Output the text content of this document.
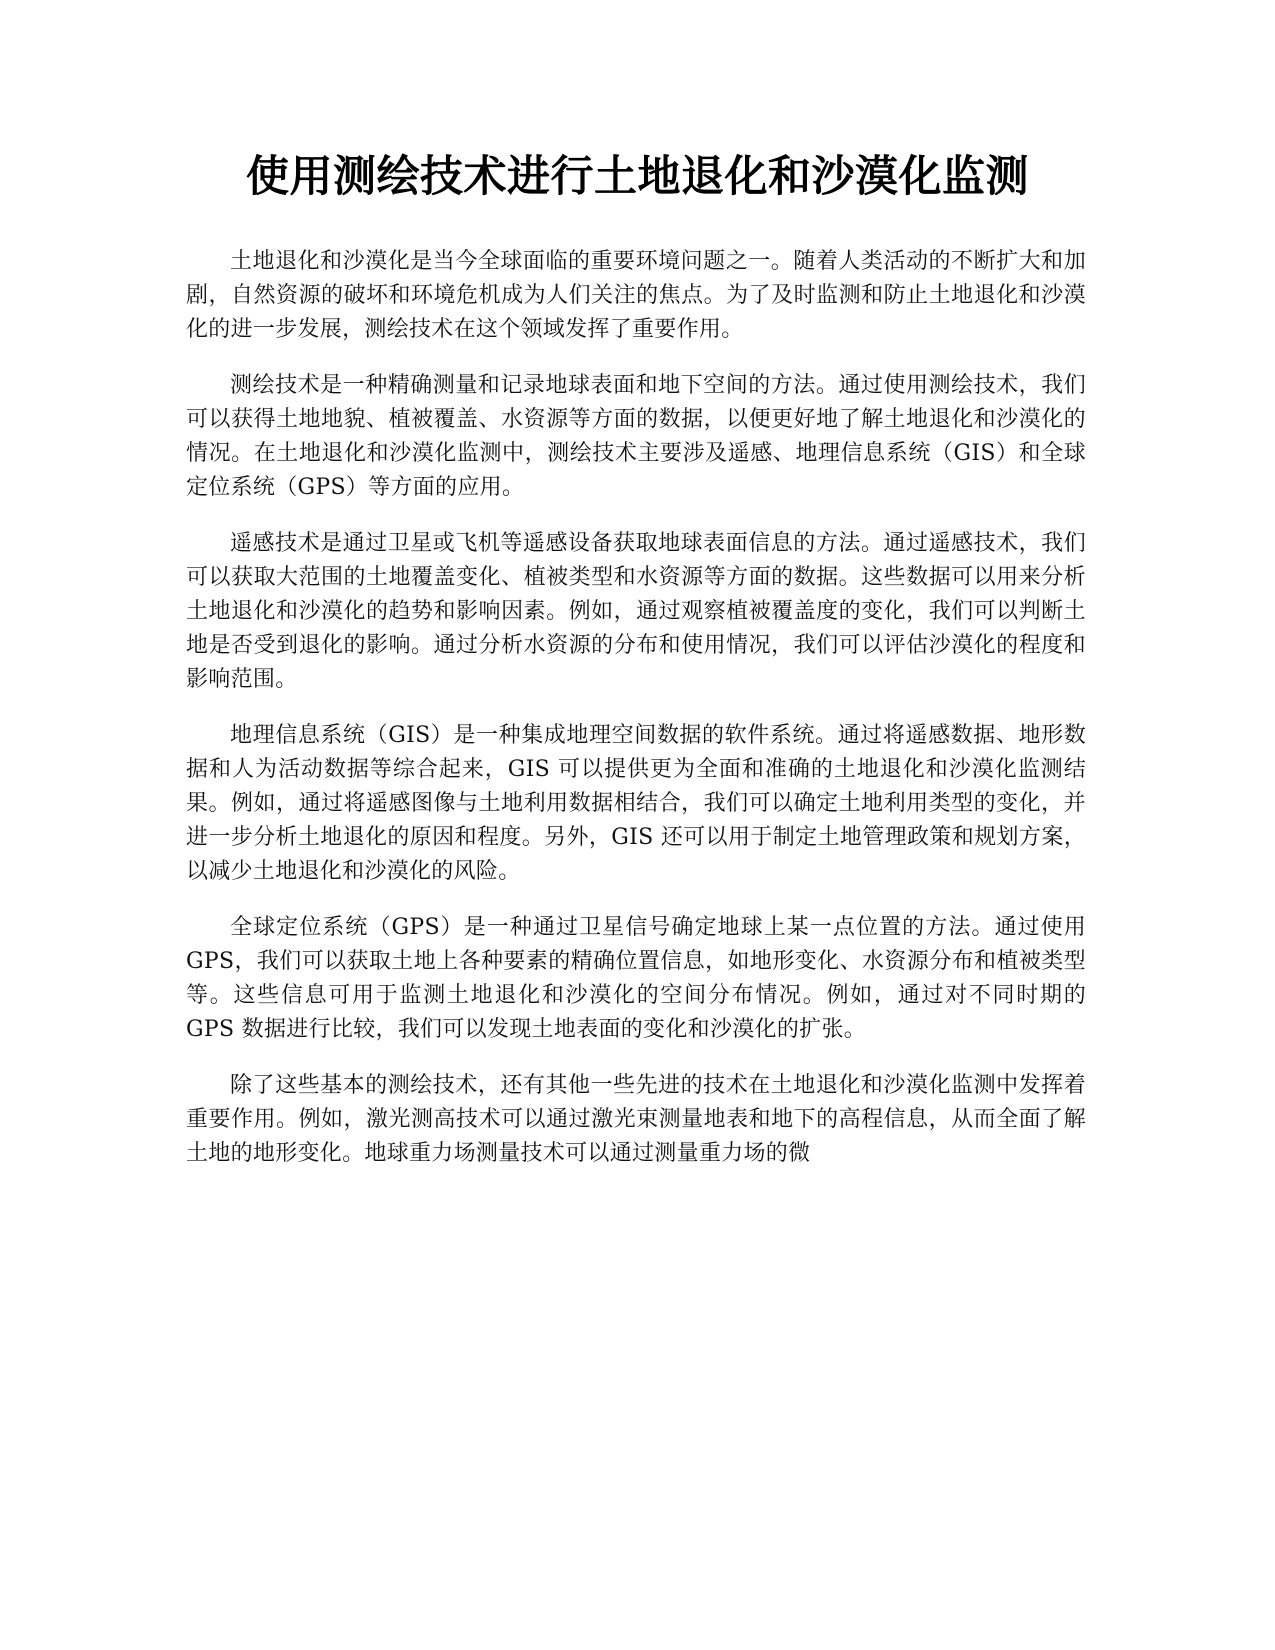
使用测绘技术进行土地退化和沙漠化监测

土地退化和沙漠化是当今全球面临的重要环境问题之一。随着人类活动的不断扩大和加剧，自然资源的破坏和环境危机成为人们关注的焦点。为了及时监测和防止土地退化和沙漠化的进一步发展，测绘技术在这个领域发挥了重要作用。

测绘技术是一种精确测量和记录地球表面和地下空间的方法。通过使用测绘技术，我们可以获得土地地貌、植被覆盖、水资源等方面的数据，以便更好地了解土地退化和沙漠化的情况。在土地退化和沙漠化监测中，测绘技术主要涉及遥感、地理信息系统（GIS）和全球定位系统（GPS）等方面的应用。

遥感技术是通过卫星或飞机等遥感设备获取地球表面信息的方法。通过遥感技术，我们可以获取大范围的土地覆盖变化、植被类型和水资源等方面的数据。这些数据可以用来分析土地退化和沙漠化的趋势和影响因素。例如，通过观察植被覆盖度的变化，我们可以判断土地是否受到退化的影响。通过分析水资源的分布和使用情况，我们可以评估沙漠化的程度和影响范围。

地理信息系统（GIS）是一种集成地理空间数据的软件系统。通过将遥感数据、地形数据和人为活动数据等综合起来，GIS 可以提供更为全面和准确的土地退化和沙漠化监测结果。例如，通过将遥感图像与土地利用数据相结合，我们可以确定土地利用类型的变化，并进一步分析土地退化的原因和程度。另外，GIS 还可以用于制定土地管理政策和规划方案，以减少土地退化和沙漠化的风险。

全球定位系统（GPS）是一种通过卫星信号确定地球上某一点位置的方法。通过使用 GPS，我们可以获取土地上各种要素的精确位置信息，如地形变化、水资源分布和植被类型等。这些信息可用于监测土地退化和沙漠化的空间分布情况。例如，通过对不同时期的 GPS 数据进行比较，我们可以发现土地表面的变化和沙漠化的扩张。

除了这些基本的测绘技术，还有其他一些先进的技术在土地退化和沙漠化监测中发挥着重要作用。例如，激光测高技术可以通过激光束测量地表和地下的高程信息，从而全面了解土地的地形变化。地球重力场测量技术可以通过测量重力场的微
